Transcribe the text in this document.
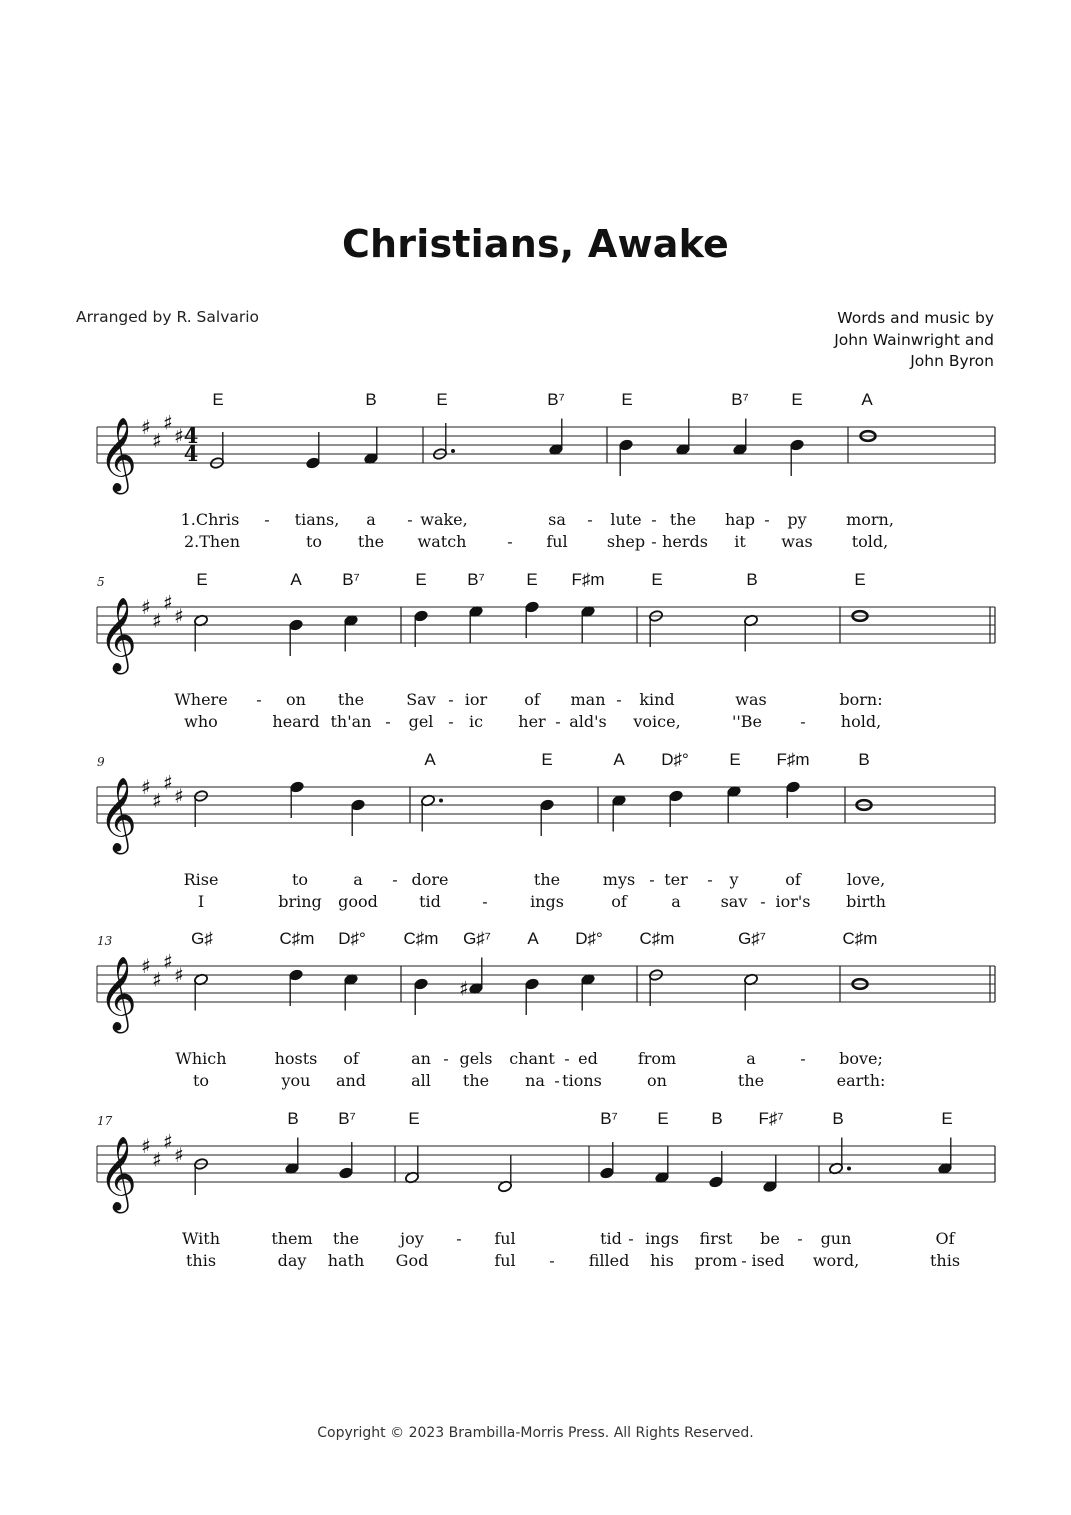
Christians, Awake
Arranged by R. Salvario	Words and music by
John Wainwright and
John Byron
𝄞 ♯
♯
♯
♯ 4
4
E	B	E	B⁷	E	B⁷	E	A
1.Chris - tians, a - wake,	sa - lute - the hap - py morn,
2.Then	to the watch	- ful shep - herds it was told,
𝄞 ♯
♯
♯
♯
5	E	A B⁷	E B⁷ E F♯m	E	B	E
Where - on the	Sav - ior of man - kind	was	born:
who	heard th'an - gel - ic her - ald's voice,	''Be - hold,
𝄞 ♯
♯
♯
♯
9	A	E	A D♯° E F♯m	B
Rise	to	a - dore	the	mys - ter - y	of	love,
I	bring good	tid	-	ings	of	a sav - ior's birth
𝄞 ♯
♯
♯
♯
13	G♯	C♯m D♯° C♯m G♯⁷ A D♯° C♯m	G♯⁷	C♯m
♯
Which	hosts of	an - gels chant - ed from	a	- bove;
to	you and	all the na - tions	on	the	earth:
𝄞 ♯
♯
♯
♯
17	B B⁷	E	B⁷ E	B F♯⁷	B	E
With	them the	joy - ful	tid - ings first be - gun	Of
this	day hath God	ful - filled his prom - ised word,	this
Copyright © 2023 Brambilla-Morris Press. All Rights Reserved.
